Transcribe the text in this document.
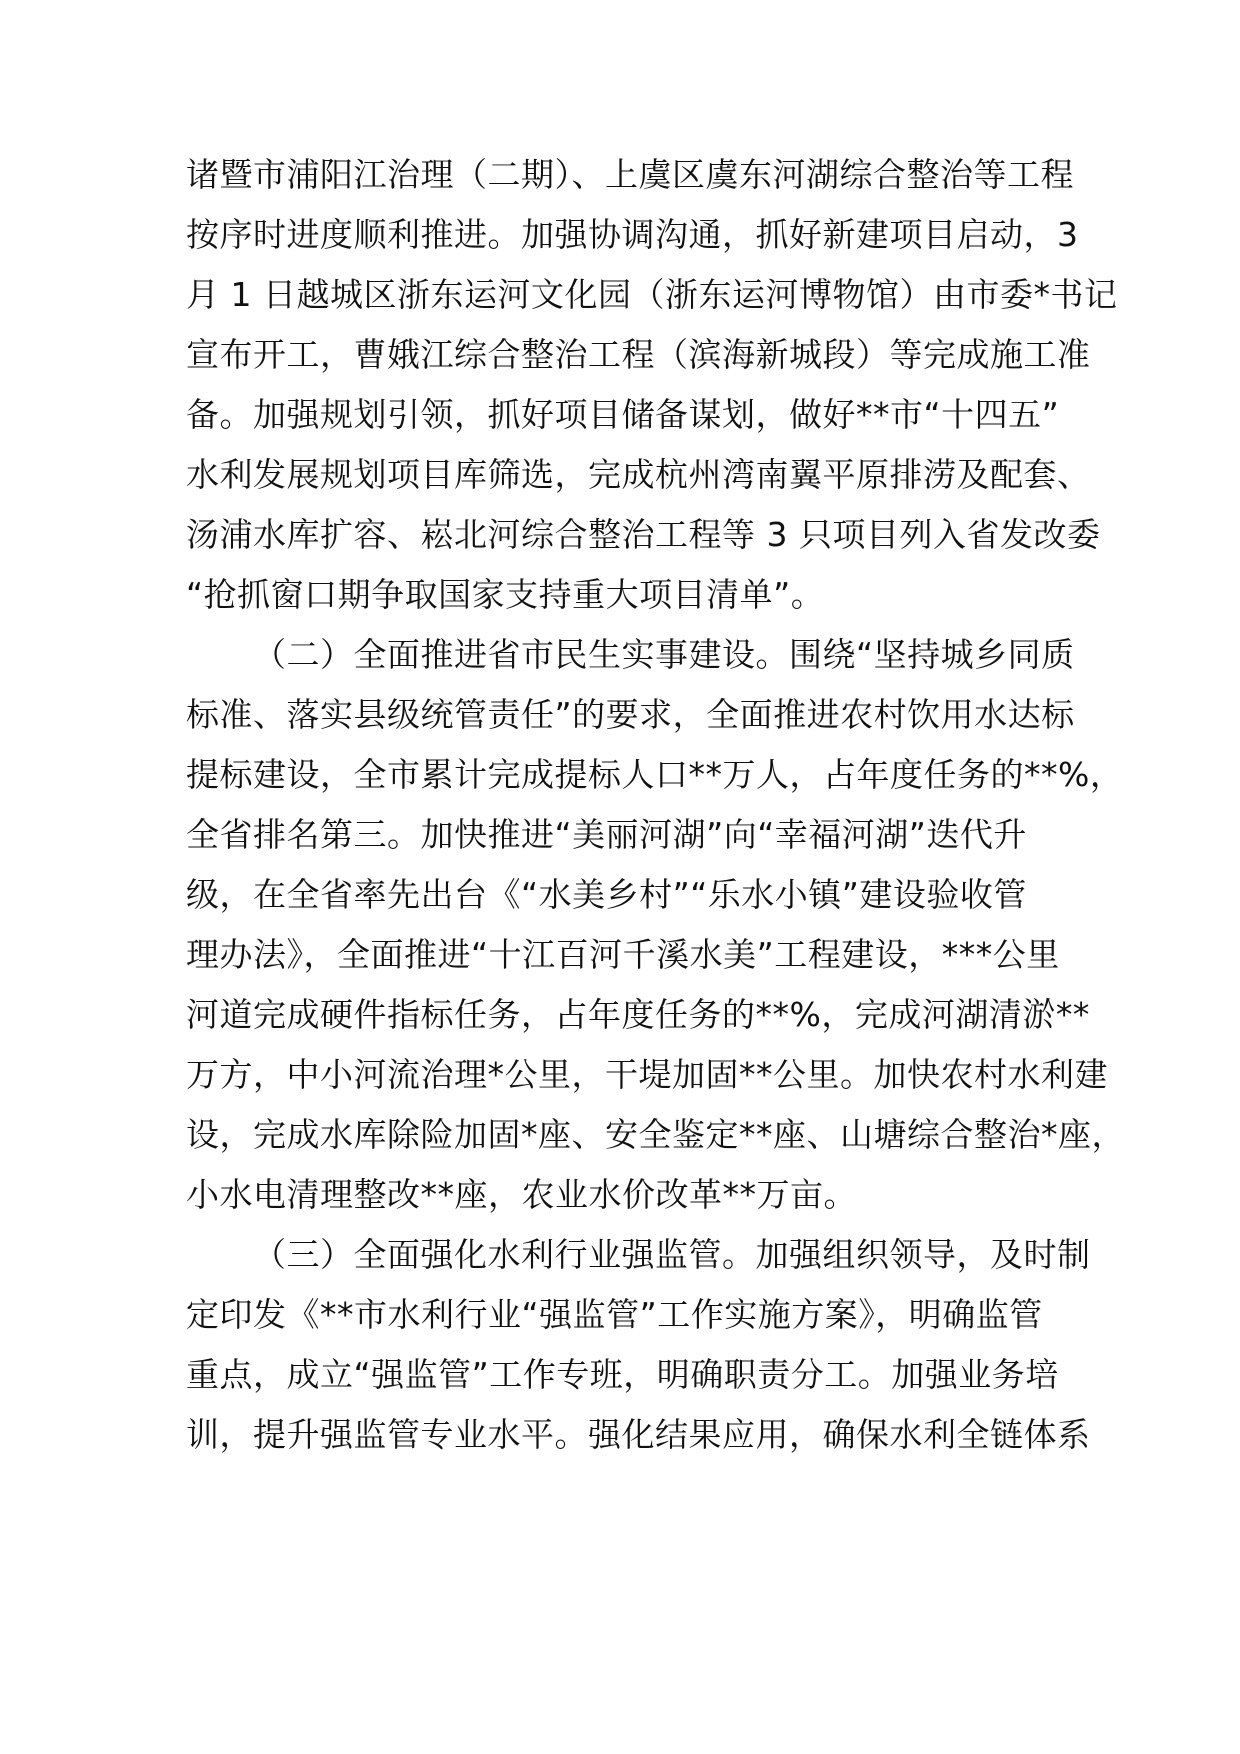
诸暨市浦阳江治理（二期）、上虞区虞东河湖综合整治等工程
按序时进度顺利推进。加强协调沟通，抓好新建项目启动，3
月 1 日越城区浙东运河文化园（浙东运河博物馆）由市委*书记
宣布开工，曹娥江综合整治工程（滨海新城段）等完成施工准
备。加强规划引领，抓好项目储备谋划，做好**市“十四五”
水利发展规划项目库筛选，完成杭州湾南翼平原排涝及配套、
汤浦水库扩容、崧北河综合整治工程等 3 只项目列入省发改委
“抢抓窗口期争取国家支持重大项目清单”。
（二）全面推进省市民生实事建设。围绕“坚持城乡同质
标准、落实县级统管责任”的要求，全面推进农村饮用水达标
提标建设，全市累计完成提标人口**万人，占年度任务的**%，
全省排名第三。加快推进“美丽河湖”向“幸福河湖”迭代升
级，在全省率先出台《“水美乡村”“乐水小镇”建设验收管
理办法》，全面推进“十江百河千溪水美”工程建设，***公里
河道完成硬件指标任务，占年度任务的**%，完成河湖清淤**
万方，中小河流治理*公里，干堤加固**公里。加快农村水利建
设，完成水库除险加固*座、安全鉴定**座、山塘综合整治*座，
小水电清理整改**座，农业水价改革**万亩。
（三）全面强化水利行业强监管。加强组织领导，及时制
定印发《**市水利行业“强监管”工作实施方案》，明确监管
重点，成立“强监管”工作专班，明确职责分工。加强业务培
训，提升强监管专业水平。强化结果应用，确保水利全链体系
